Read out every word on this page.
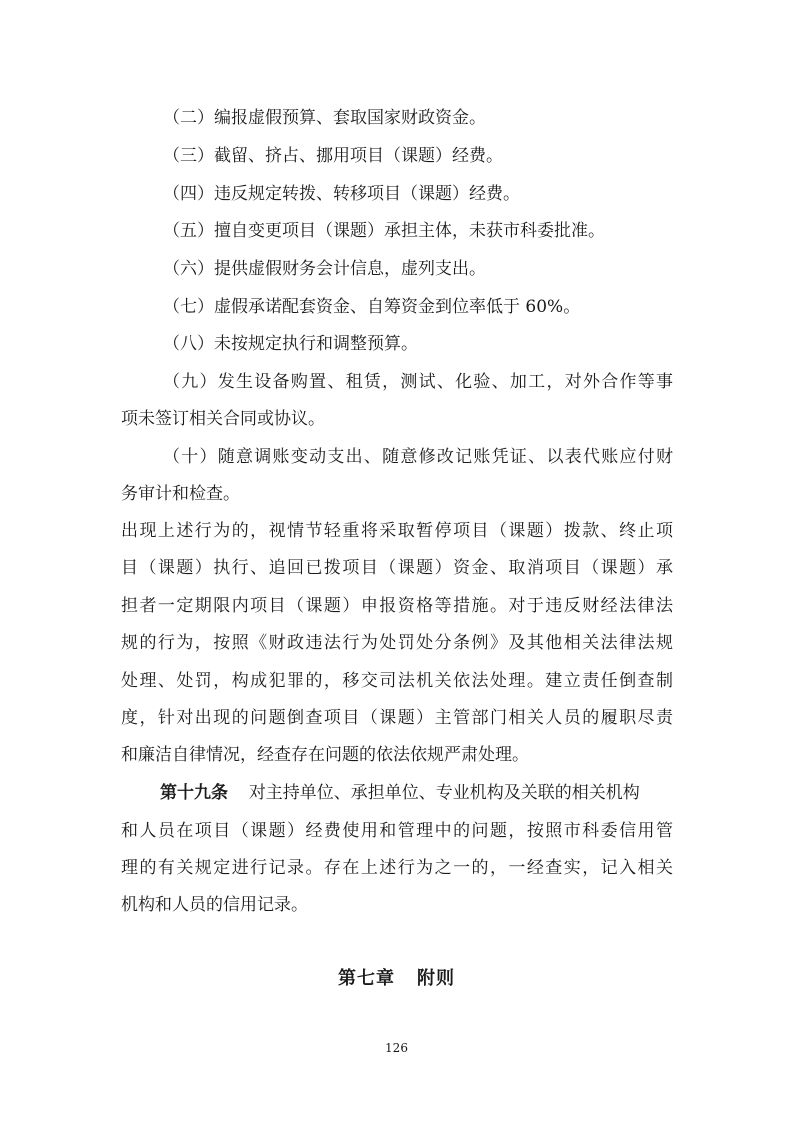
（二）编报虚假预算、套取国家财政资金。
（三）截留、挤占、挪用项目（课题）经费。
（四）违反规定转拨、转移项目（课题）经费。
（五）擅自变更项目（课题）承担主体，未获市科委批准。
（六）提供虚假财务会计信息，虚列支出。
（七）虚假承诺配套资金、自筹资金到位率低于 60%。
（八）未按规定执行和调整预算。
（九）发生设备购置、租赁，测试、化验、加工，对外合作等事
项未签订相关合同或协议。
（十）随意调账变动支出、随意修改记账凭证、以表代账应付财
务审计和检查。
出现上述行为的，视情节轻重将采取暂停项目（课题）拨款、终止项
目（课题）执行、追回已拨项目（课题）资金、取消项目（课题）承
担者一定期限内项目（课题）申报资格等措施。对于违反财经法律法
规的行为，按照《财政违法行为处罚处分条例》及其他相关法律法规
处理、处罚，构成犯罪的，移交司法机关依法处理。建立责任倒查制
度，针对出现的问题倒查项目（课题）主管部门相关人员的履职尽责
和廉洁自律情况，经查存在问题的依法依规严肃处理。
第十九条 对主持单位、承担单位、专业机构及关联的相关机构
和人员在项目（课题）经费使用和管理中的问题，按照市科委信用管
理的有关规定进行记录。存在上述行为之一的，一经查实，记入相关
机构和人员的信用记录。
第七章 附则
126
